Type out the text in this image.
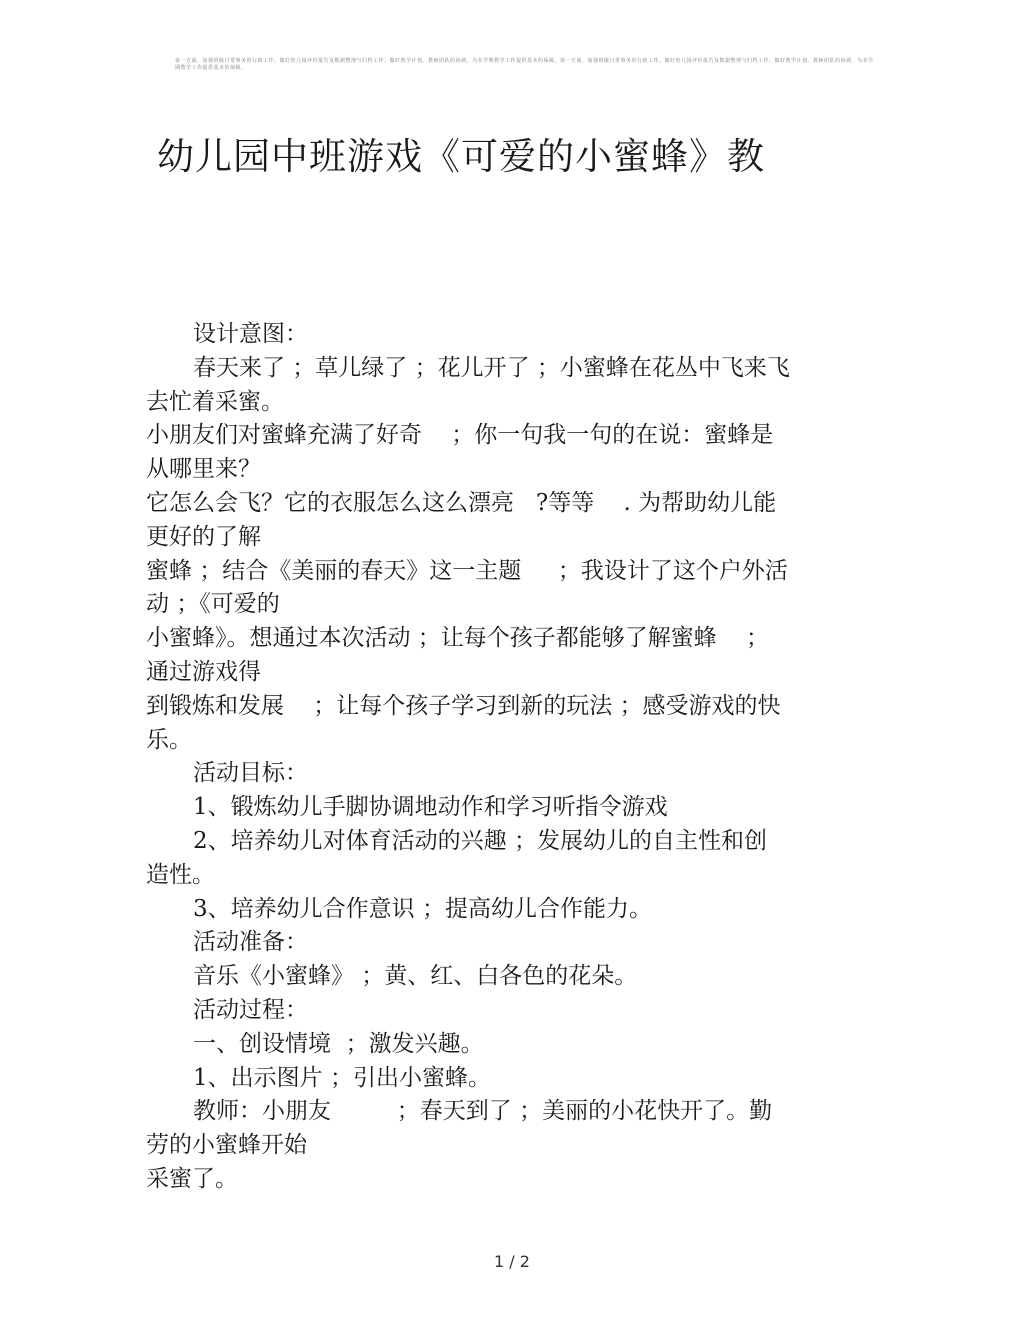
第一方面，加强班级日常事务的行政工作。做好幼儿园评价报告及数据整理与归档工作。做好教学计划、教师团队的协调，为本学期教学工作提供基本的保障。第一方面，加强班级日常事务的行政工作。做好幼儿园评价报告及数据整理与归档工作。做好教学计划、教师团队的协调，为本学期教学工作提供基本的保障。
幼儿园中班游戏《可爱的小蜜蜂》教
设计意图：
春天来了 ；草儿绿了 ；花儿开了 ；小蜜蜂在花丛中飞来飞
去忙着采蜜。
小朋友们对蜜蜂充满了好奇    ；你一句我一句的在说：蜜蜂是
从哪里来？
它怎么会飞？它的衣服怎么这么漂亮   ?等等    . 为帮助幼儿能
更好的了解
蜜蜂 ；结合《美丽的春天》这一主题     ；我设计了这个户外活
动 ；《可爱的
小蜜蜂》。想通过本次活动 ；让每个孩子都能够了解蜜蜂    ；
通过游戏得
到锻炼和发展    ；让每个孩子学习到新的玩法 ；感受游戏的快
乐。
活动目标：
1、锻炼幼儿手脚协调地动作和学习听指令游戏
2、培养幼儿对体育活动的兴趣 ；发展幼儿的自主性和创
造性。
3、培养幼儿合作意识 ；提高幼儿合作能力。
活动准备：
音乐《小蜜蜂》 ；黄、红、白各色的花朵。
活动过程：
一、创设情境  ；激发兴趣。
1、出示图片 ；引出小蜜蜂。
教师：小朋友         ；春天到了 ；美丽的小花快开了。勤
劳的小蜜蜂开始
采蜜了。
1 / 2
